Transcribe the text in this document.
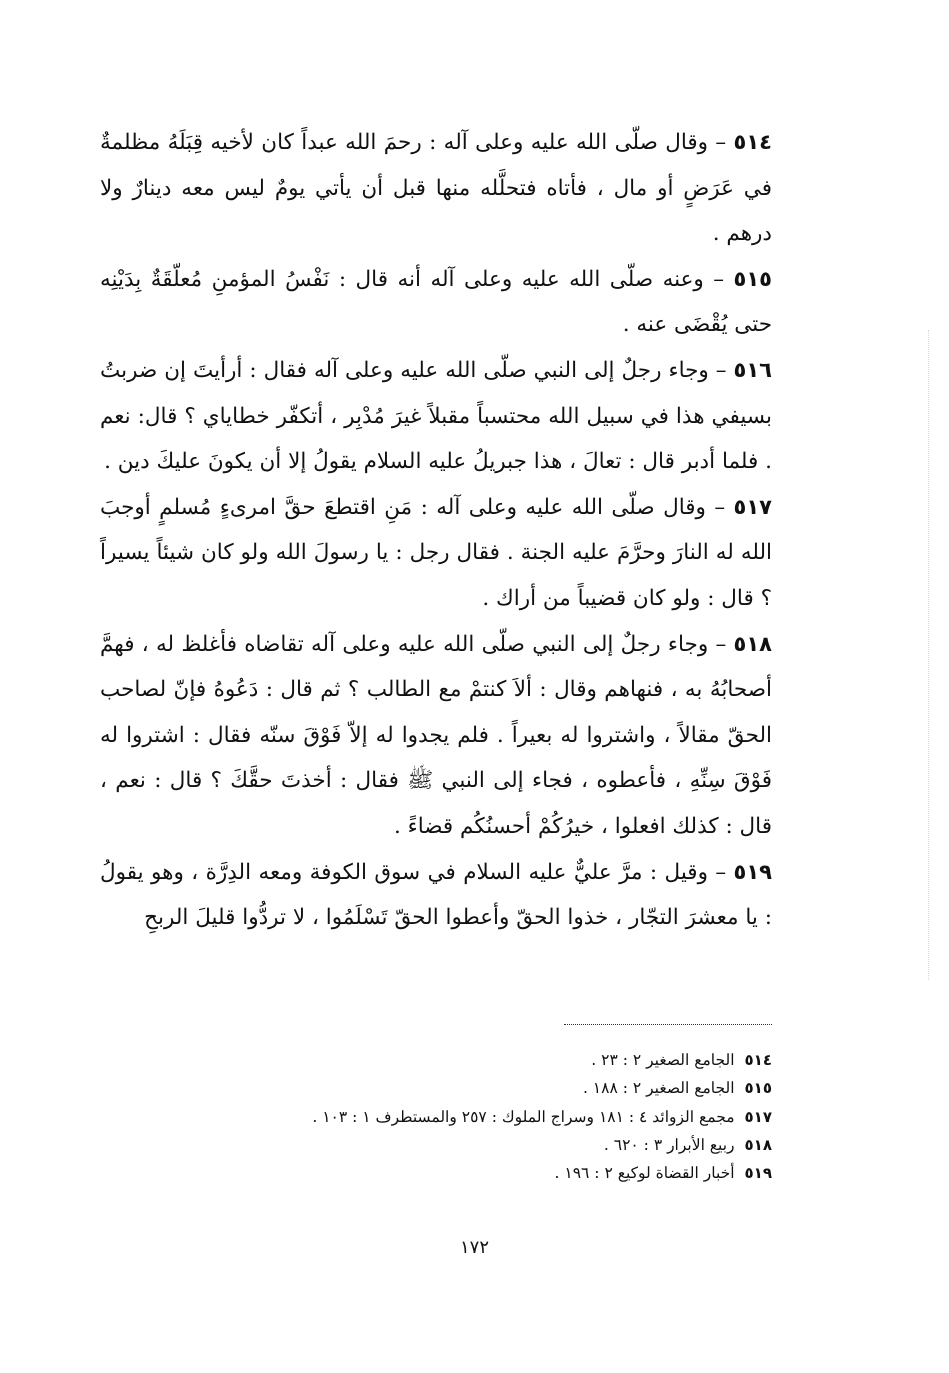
٥١٤ – وقال صلّى الله عليه وعلى آله : رحمَ الله عبداً كان لأخيه قِبَلَهُ مظلمةٌ في عَرَضٍ أو مال ، فأتاه فتحلَّله منها قبل أن يأتي يومٌ ليس معه دينارٌ ولا درهم .

٥١٥ – وعنه صلّى الله عليه وعلى آله أنه قال : نَفْسُ المؤمنِ مُعلّقَةٌ بِدَيْنِه حتى يُقْضَى عنه .

٥١٦ – وجاء رجلٌ إلى النبي صلّى الله عليه وعلى آله فقال : أرأيتَ إن ضربتُ بسيفي هذا في سبيل الله محتسباً مقبلاً غيرَ مُدْبِر ، أتكفّر خطاياي ؟ قال: نعم . فلما أدبر قال : تعالَ ، هذا جبريلُ عليه السلام يقولُ إلا أن يكونَ عليكَ دين .

٥١٧ – وقال صلّى الله عليه وعلى آله : مَنِ اقتطعَ حقَّ امرىءٍ مُسلمٍ أوجبَ الله له النارَ وحرَّمَ عليه الجنة . فقال رجل : يا رسولَ الله ولو كان شيئاً يسيراً ؟ قال : ولو كان قضيباً من أراك .

٥١٨ – وجاء رجلٌ إلى النبي صلّى الله عليه وعلى آله تقاضاه فأغلظ له ، فهمَّ أصحابُهُ به ، فنهاهم وقال : ألاَ كنتمْ مع الطالب ؟ ثم قال : دَعُوهُ فإنّ لصاحب الحقّ مقالاً ، واشتروا له بعيراً . فلم يجدوا له إلاّ فَوْقَ سنّه فقال : اشتروا له فَوْقَ سِنِّهِ ، فأعطوه ، فجاء إلى النبي ﷺ فقال : أخذتَ حقَّكَ ؟ قال : نعم ، قال : كذلك افعلوا ، خيرُكُمْ أحسنُكُم قضاءً .

٥١٩ – وقيل : مرَّ عليٌّ عليه السلام في سوق الكوفة ومعه الدِرَّة ، وهو يقولُ : يا معشرَ التجّار ، خذوا الحقّ وأعطوا الحقّ تَسْلَمُوا ، لا تردُّوا قليلَ الربحِ

٥١٤الجامع الصغير ٢ : ٢٣ .

٥١٥الجامع الصغير ٢ : ١٨٨ .

٥١٧مجمع الزوائد ٤ : ١٨١ وسراج الملوك : ٢٥٧ والمستطرف ١ : ١٠٣ .

٥١٨ربيع الأبرار ٣ : ٦٢٠ .

٥١٩أخبار القضاة لوكيع ٢ : ١٩٦ .

١٧٢
